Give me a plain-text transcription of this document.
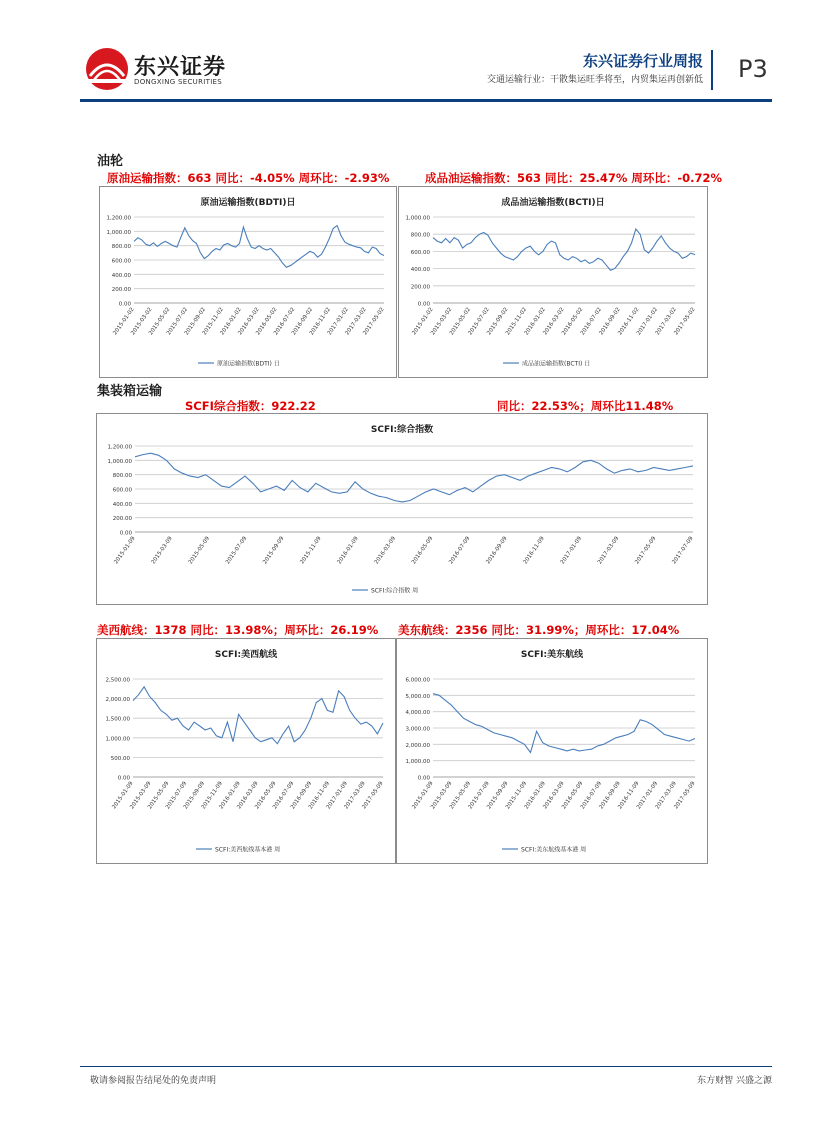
东兴证券
DONGXING SECURITIES
东兴证券行业周报
交通运输行业：干散集运旺季将至，内贸集运再创新低 P3
油轮
原油运输指数：663 同比：-4.05% 周环比：-2.93%	成品油运输指数：563 同比：25.47% 周环比：-0.72%
原油运输指数(BDTI)日
0.00
200.00
400.00
600.00
800.00
1,000.00
1,200.00
2015-01-02
2015-03-02
2015-05-02
2015-07-02
2015-09-02
2015-11-02
2016-01-02
2016-03-02
2016-05-02
2016-07-02
2016-09-02
2016-11-02
2017-01-02
2017-03-02
2017-05-02
原油运输指数(BDTI) 日
成品油运输指数(BCTI)日
0.00
200.00
400.00
600.00
800.00
1,000.00
2015-01-02
2015-03-02
2015-05-02
2015-07-02
2015-09-02
2015-11-02
2016-01-02
2016-03-02
2016-05-02
2016-07-02
2016-09-02
2016-11-02
2017-01-02
2017-03-02
2017-05-02
成品油运输指数(BCTI) 日
集装箱运输
SCFI综合指数：922.22	同比：22.53%；周环比11.48%
SCFI:综合指数
0.00
200.00
400.00
600.00
800.00
1,000.00
1,200.00
2015-01-09	2015-03-09	2015-05-09	2015-07-09	2015-09-09	2015-11-09	2016-01-09	2016-03-09	2016-05-09	2016-07-09	2016-09-09	2016-11-09	2017-01-09	2017-03-09	2017-05-09	2017-07-09
SCFI:综合指数 周
美西航线：1378 同比：13.98%；周环比：26.19% 美东航线：2356 同比：31.99%；周环比：17.04%
SCFI:美西航线
0.00
500.00
1,000.00
1,500.00
2,000.00
2,500.00
2015-01-09
2015-03-09
2015-05-09
2015-07-09
2015-09-09
2015-11-09
2016-01-09
2016-03-09
2016-05-09
2016-07-09
2016-09-09
2016-11-09
2017-01-09
2017-03-09
2017-05-09
SCFI:美西航线基本港 周
SCFI:美东航线
0.00
1,000.00
2,000.00
3,000.00
4,000.00
5,000.00
6,000.00
2015-01-09
2015-03-09
2015-05-09
2015-07-09
2015-09-09
2015-11-09
2016-01-09
2016-03-09
2016-05-09
2016-07-09
2016-09-09
2016-11-09
2017-01-09
2017-03-09
2017-05-09
SCFI:美东航线基本港 周
敬请参阅报告结尾处的免责声明	东方财智 兴盛之源
